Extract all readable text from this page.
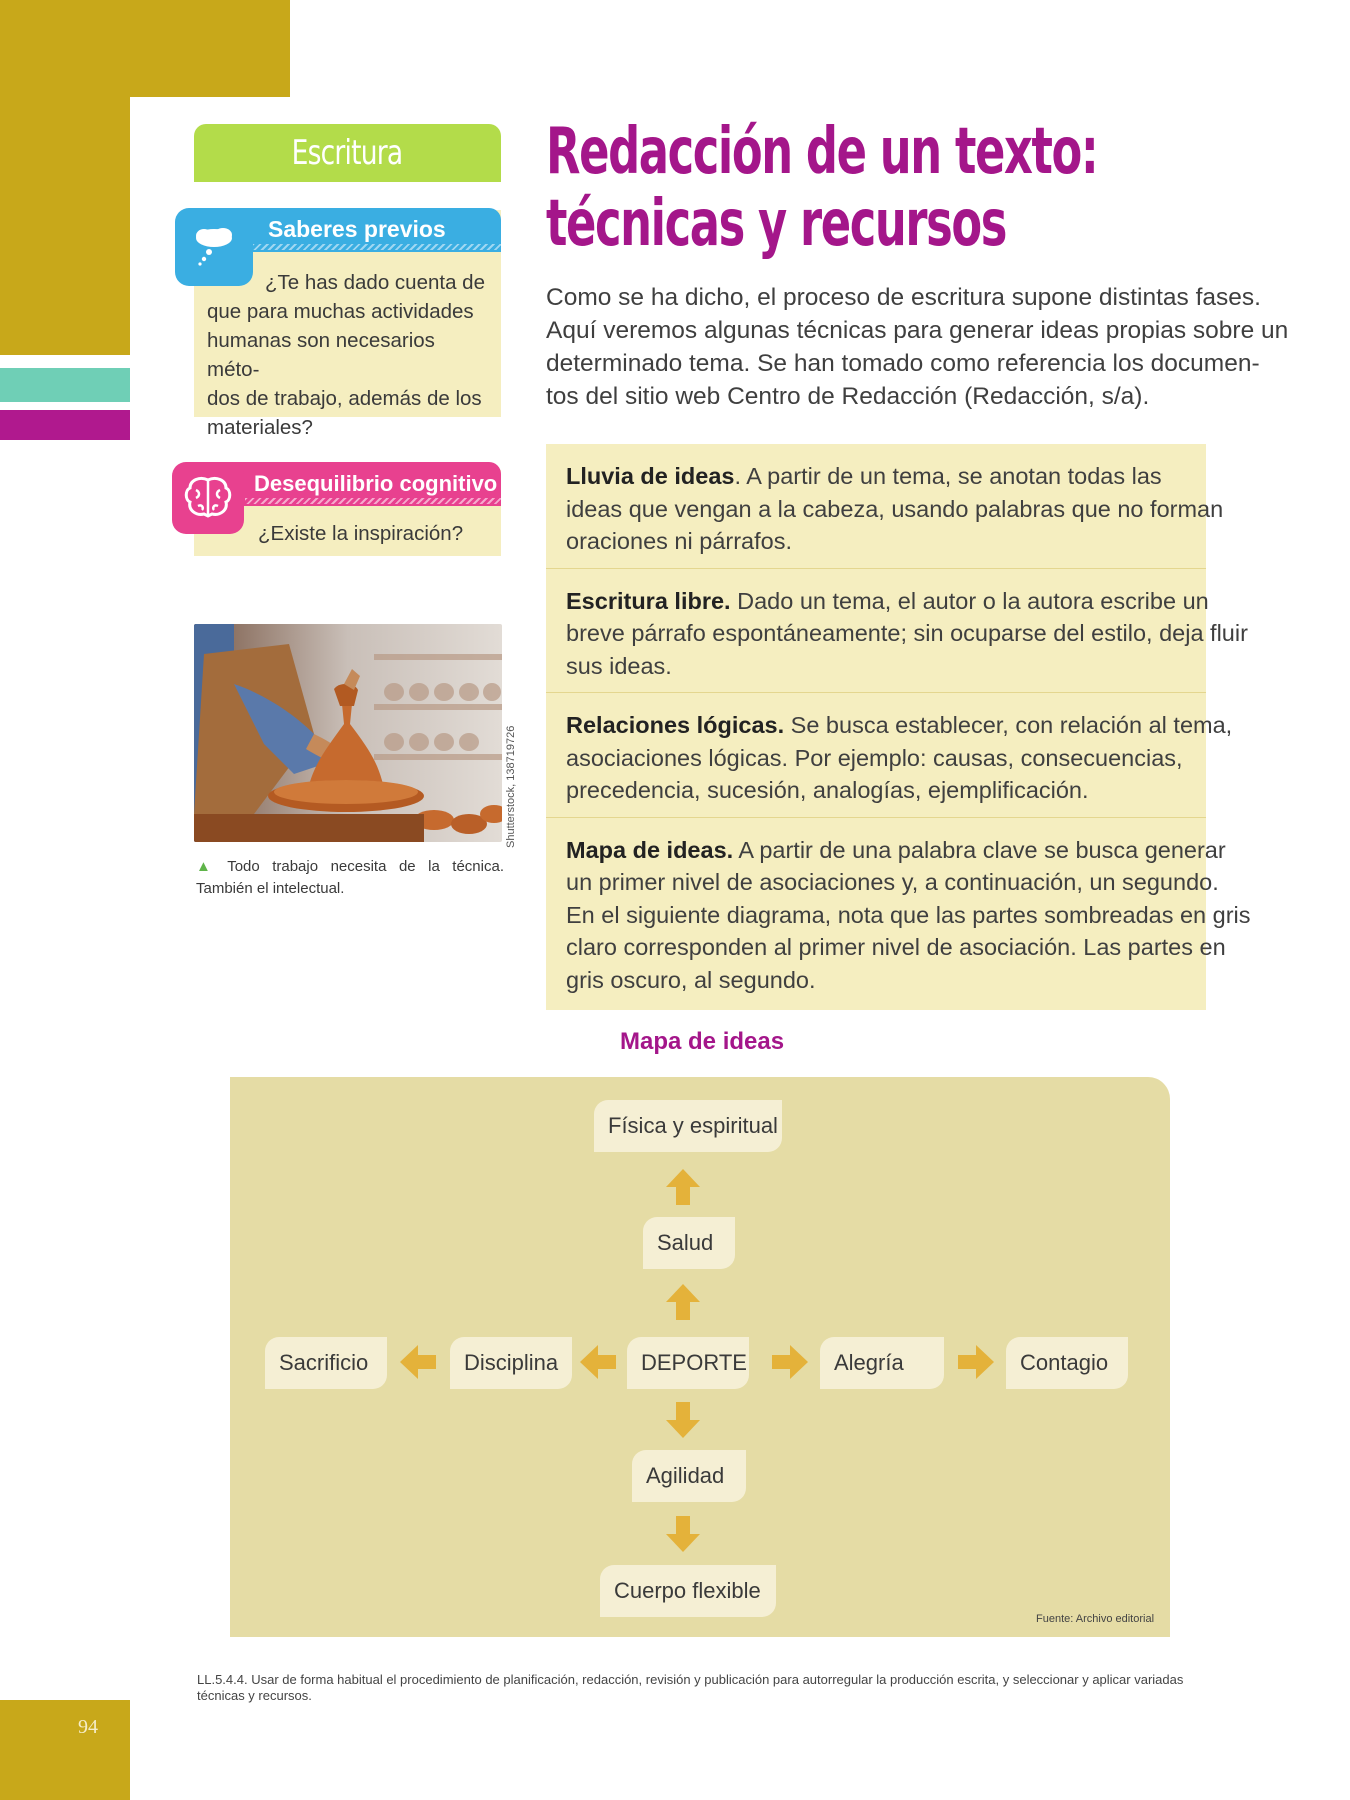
94
Escritura
Saberes previos
¿Te has dado cuenta de
que para muchas actividades
humanas son necesarios méto-
dos de trabajo, además de los
materiales?
Desequilibrio cognitivo
¿Existe la inspiración?
Shutterstock, 138719726
▲ Todo trabajo necesita de la técnica.
También el intelectual.
Redacción de un texto:
técnicas y recursos
Como se ha dicho, el proceso de escritura supone distintas fases.
Aquí veremos algunas técnicas para generar ideas propias sobre un
determinado tema. Se han tomado como referencia los documen-
tos del sitio web Centro de Redacción (Redacción, s/a).
Lluvia de ideas. A partir de un tema, se anotan todas las
ideas que vengan a la cabeza, usando palabras que no forman
oraciones ni párrafos.
Escritura libre. Dado un tema, el autor o la autora escribe un
breve párrafo espontáneamente; sin ocuparse del estilo, deja fluir
sus ideas.
Relaciones lógicas. Se busca establecer, con relación al tema,
asociaciones lógicas. Por ejemplo: causas, consecuencias,
precedencia, sucesión, analogías, ejemplificación.
Mapa de ideas. A partir de una palabra clave se busca generar
un primer nivel de asociaciones y, a continuación, un segundo.
En el siguiente diagrama, nota que las partes sombreadas en gris
claro corresponden al primer nivel de asociación. Las partes en
gris oscuro, al segundo.
Mapa de ideas
Física y espiritual
Salud
Sacrificio	Disciplina	DEPORTE	Alegría	Contagio
Agilidad
Cuerpo flexible
Fuente: Archivo editorial
LL.5.4.4. Usar de forma habitual el procedimiento de planificación, redacción, revisión y publicación para autorregular la producción escrita, y seleccionar y aplicar variadas
técnicas y recursos.
